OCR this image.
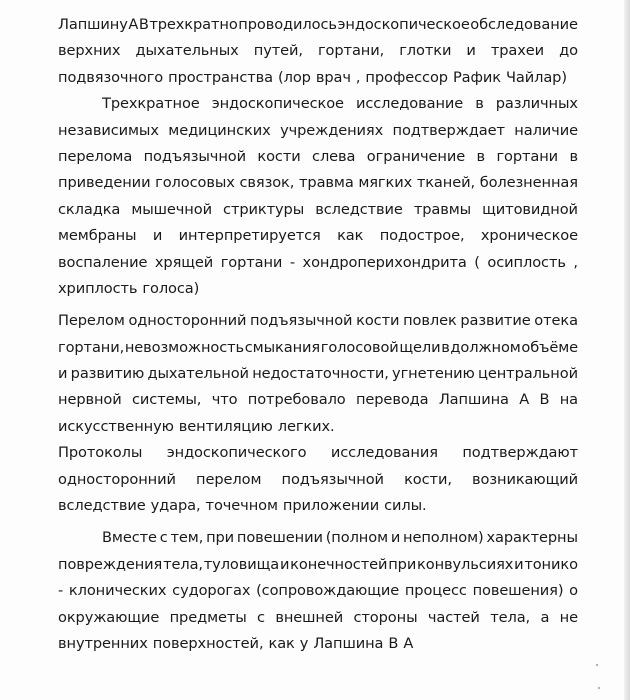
Лапшину А В трехкратно проводилось эндоскопическое обследование
верхних дыхательных путей, гортани, глотки и трахеи до
подвязочного пространства (лор врач , профессор Рафик Чайлар)
Трехкратное эндоскопическое исследование в различных
независимых медицинских учреждениях подтверждает наличие
перелома подъязычной кости слева ограничение в гортани в
приведении голосовых связок, травма мягких тканей, болезненная
складка мышечной стриктуры вследствие травмы щитовидной
мембраны и интерпретируется как подострое, хроническое
воспаление хрящей гортани - хондроперихондрита ( осиплость ,
хриплость голоса)
Перелом односторонний подъязычной кости повлек развитие отека
гортани, невозможность смыкания голосовой щели в должном объёме
и развитию дыхательной недостаточности, угнетению центральной
нервной системы, что потребовало перевода Лапшина А В на
искусственную вентиляцию легких.
Протоколы эндоскопического исследования подтверждают
односторонний перелом подъязычной кости, возникающий
вследствие удара, точечном приложении силы.
Вместе с тем, при повешении (полном и неполном) характерны
повреждения тела, туловища и конечностей при конвульсиях и тонико
- клонических судорогах (сопровождающие процесс повешения) о
окружающие предметы с внешней стороны частей тела, а не
внутренних поверхностей, как у Лапшина В А
